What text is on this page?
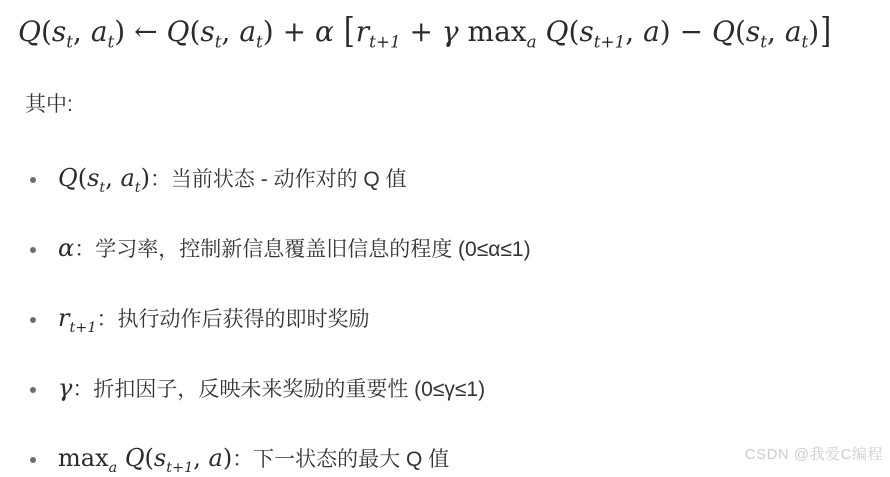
$Q(s_t$, $a_t$) ← $Q(s_t$, $a_t) + \alpha$ [$r_{t+1} + \gamma$ $\max_a Q(s_{t+1}$, $a) - Q(s_t$, $a_t$)]
其中:
$Q(s_t$, $a_t$)：当前状态 - 动作对的 Q 值
α：学习率，控制新信息覆盖旧信息的程度 (0≤α≤1)
$r_{t+1}$：执行动作后获得的即时奖励
γ：折扣因子，反映未来奖励的重要性 (0≤γ≤1)
$\max_a Q(s_{t+1}$, a)：下一状态的最大 Q 值	CSDN @我爱C编程
